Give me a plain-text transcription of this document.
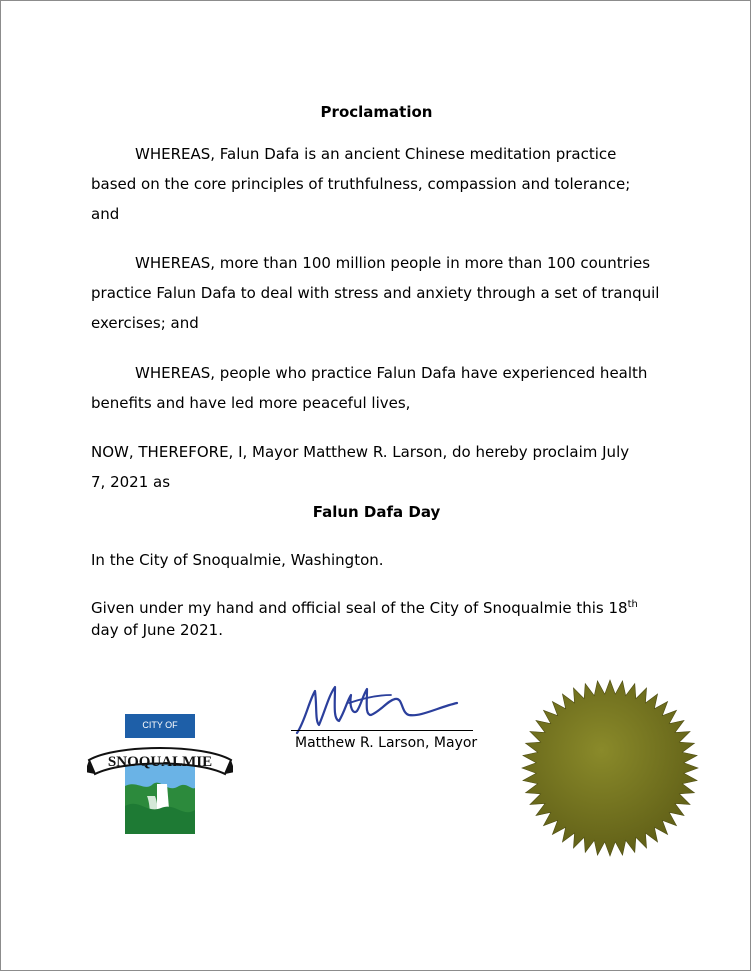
Proclamation
WHEREAS, Falun Dafa is an ancient Chinese meditation practice
based on the core principles of truthfulness, compassion and tolerance;
and
WHEREAS, more than 100 million people in more than 100 countries
practice Falun Dafa to deal with stress and anxiety through a set of tranquil
exercises; and
WHEREAS, people who practice Falun Dafa have experienced health
benefits and have led more peaceful lives,
NOW, THEREFORE, I, Mayor Matthew R. Larson, do hereby proclaim July
7, 2021 as
Falun Dafa Day
In the City of Snoqualmie, Washington.
Given under my hand and official seal of the City of Snoqualmie this 18th
day of June 2021.
CITY OF
SNOQUALMIE
Matthew R. Larson, Mayor
